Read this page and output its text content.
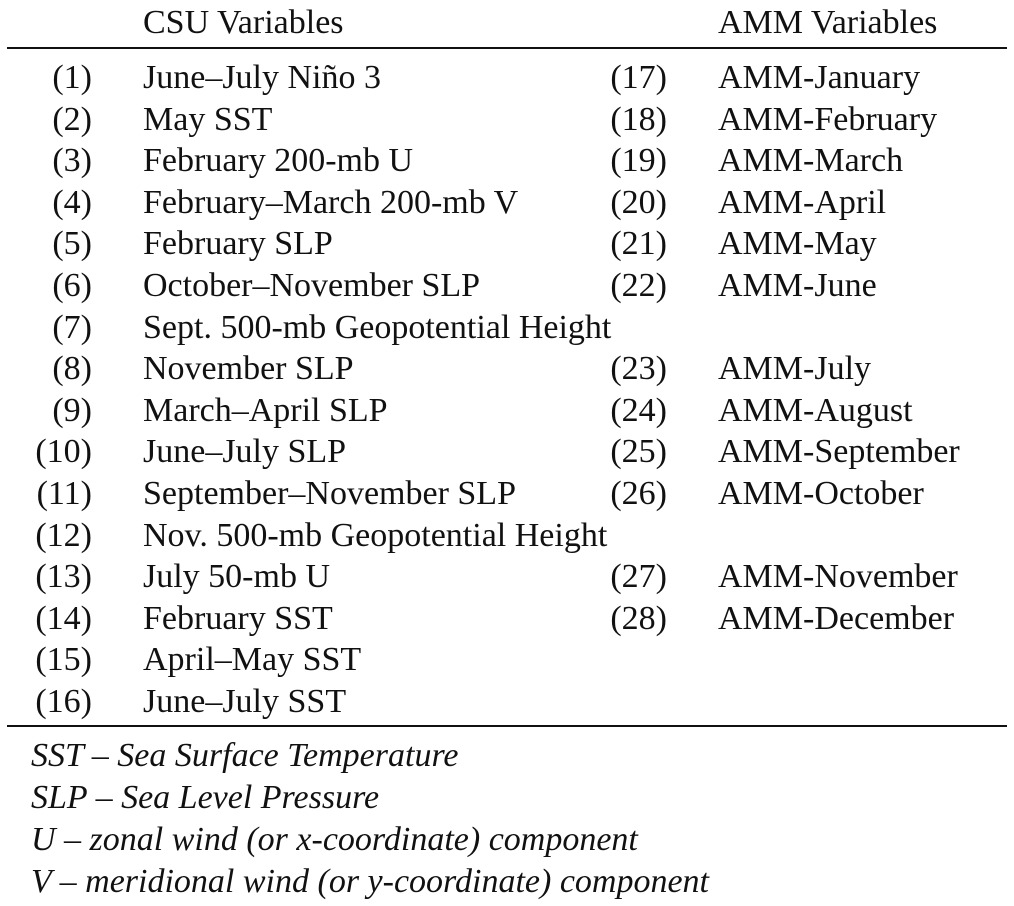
CSU Variables	AMM Variables
(1) June–July Niño 3	(17) AMM-January
(2) May SST	(18) AMM-February
(3) February 200-mb U	(19) AMM-March
(4) February–March 200-mb V	(20) AMM-April
(5) February SLP	(21) AMM-May
(6) October–November SLP	(22) AMM-June
(7) Sept. 500-mb Geopotential Height
(8) November SLP	(23) AMM-July
(9) March–April SLP	(24) AMM-August
(10) June–July SLP	(25) AMM-September
(11) September–November SLP	(26) AMM-October
(12) Nov. 500-mb Geopotential Height
(13) July 50-mb U	(27) AMM-November
(14) February SST	(28) AMM-December
(15) April–May SST
(16) June–July SST
SST – Sea Surface Temperature
SLP – Sea Level Pressure
U – zonal wind (or x-coordinate) component
V – meridional wind (or y-coordinate) component
